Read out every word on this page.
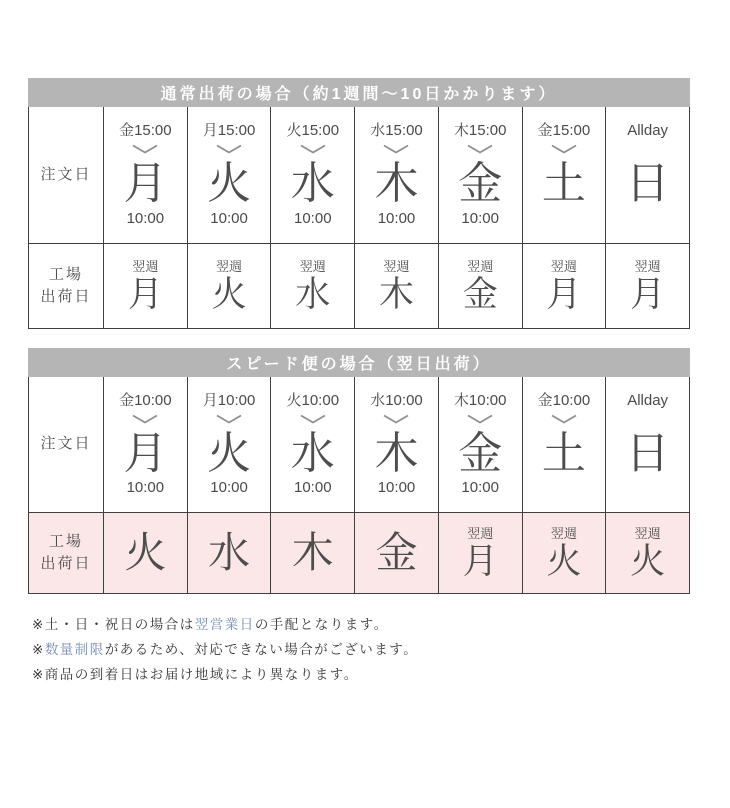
通常出荷の場合（約1週間〜10日かかります）
注文日
金15:00
月
10:00
月15:00
火
10:00
火15:00
水
10:00
水15:00
木
10:00
木15:00
金
10:00
金15:00
土

Allday
日

工場
出荷日
翌週
月
翌週
火
翌週
水
翌週
木
翌週
金
翌週
月
翌週
月
スピード便の場合（翌日出荷）
注文日
金10:00
月
10:00
月10:00
火
10:00
火10:00
水
10:00
水10:00
木
10:00
木10:00
金
10:00
金10:00
土

Allday
日

工場
出荷日 火 水 木 金	翌週
月
翌週
火
翌週
火
※土・日・祝日の場合は翌営業日の手配となります。
※数量制限があるため、対応できない場合がございます。
※商品の到着日はお届け地域により異なります。
